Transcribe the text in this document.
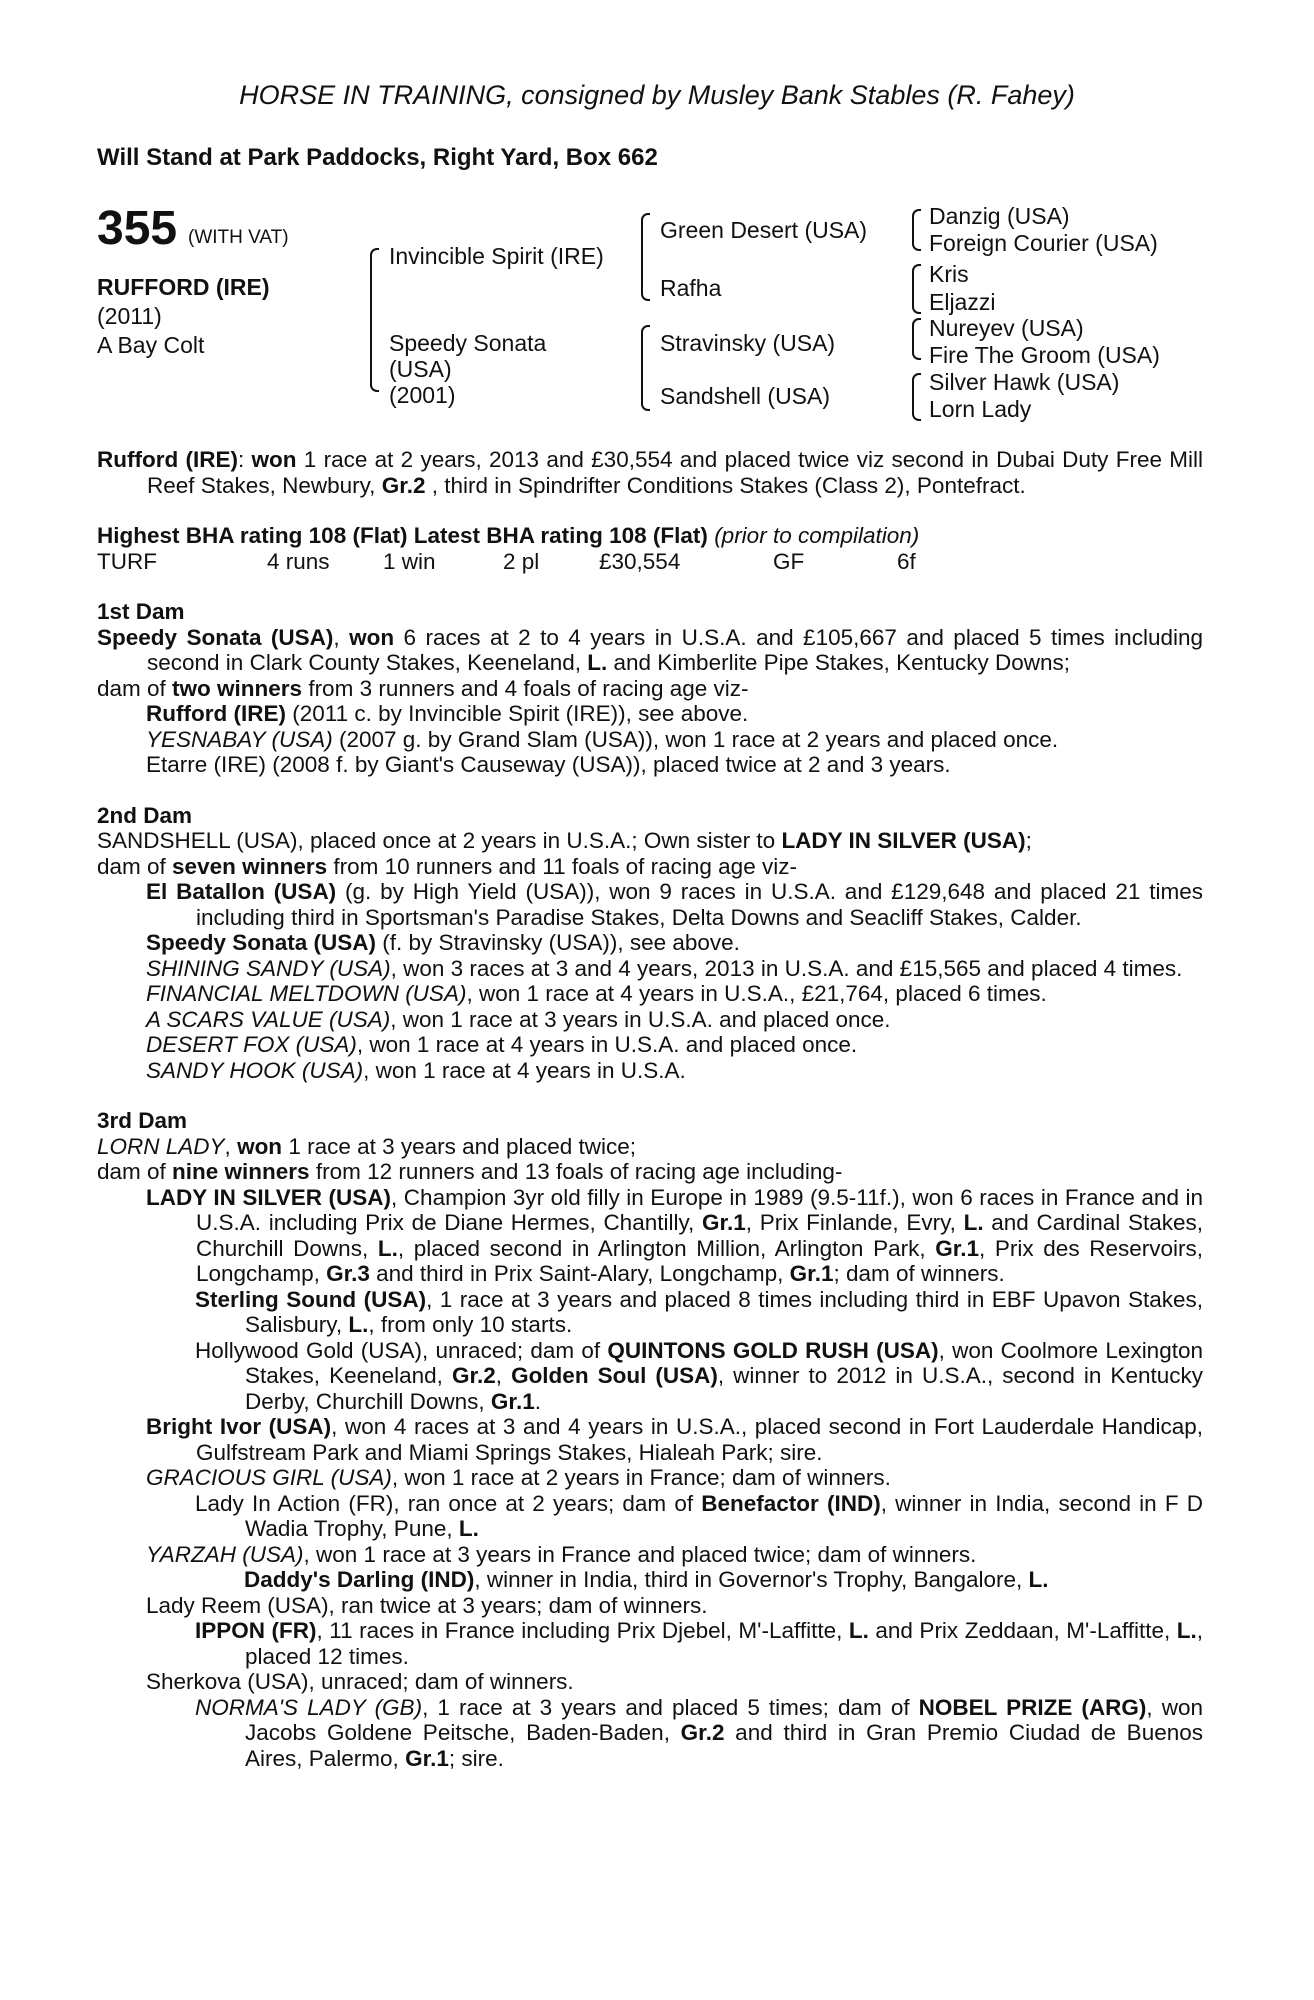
HORSE IN TRAINING, consigned by Musley Bank Stables (R. Fahey)
Will Stand at Park Paddocks, Right Yard, Box 662
355 (WITH VAT)
RUFFORD (IRE)
(2011)
A Bay Colt
Invincible Spirit (IRE)
Speedy Sonata
(USA)
(2001)
Green Desert (USA)
Rafha
Stravinsky (USA)
Sandshell (USA)
Danzig (USA)
Foreign Courier (USA)
Kris
Eljazzi
Nureyev (USA)
Fire The Groom (USA)
Silver Hawk (USA)
Lorn Lady

Rufford (IRE): won 1 race at 2 years, 2013 and £30,554 and placed twice viz second in Dubai Duty Free Mill Reef Stakes, Newbury, Gr.2 , third in Spindrifter Conditions Stakes (Class 2), Pontefract.

Highest BHA rating 108 (Flat) Latest BHA rating 108 (Flat) (prior to compilation)

TURF	4 runs	1 win	2 pl	£30,554	GF	6f

1st Dam

Speedy Sonata (USA), won 6 races at 2 to 4 years in U.S.A. and £105,667 and placed 5 times including second in Clark County Stakes, Keeneland, L. and Kimberlite Pipe Stakes, Kentucky Downs;

dam of two winners from 3 runners and 4 foals of racing age viz-

Rufford (IRE) (2011 c. by Invincible Spirit (IRE)), see above.

YESNABAY (USA) (2007 g. by Grand Slam (USA)), won 1 race at 2 years and placed once.

Etarre (IRE) (2008 f. by Giant's Causeway (USA)), placed twice at 2 and 3 years.

2nd Dam

SANDSHELL (USA), placed once at 2 years in U.S.A.; Own sister to LADY IN SILVER (USA);

dam of seven winners from 10 runners and 11 foals of racing age viz-

El Batallon (USA) (g. by High Yield (USA)), won 9 races in U.S.A. and £129,648 and placed 21 times including third in Sportsman's Paradise Stakes, Delta Downs and Seacliff Stakes, Calder.

Speedy Sonata (USA) (f. by Stravinsky (USA)), see above.

SHINING SANDY (USA), won 3 races at 3 and 4 years, 2013 in U.S.A. and £15,565 and placed 4 times.

FINANCIAL MELTDOWN (USA), won 1 race at 4 years in U.S.A., £21,764, placed 6 times.

A SCARS VALUE (USA), won 1 race at 3 years in U.S.A. and placed once.

DESERT FOX (USA), won 1 race at 4 years in U.S.A. and placed once.

SANDY HOOK (USA), won 1 race at 4 years in U.S.A.

3rd Dam

LORN LADY, won 1 race at 3 years and placed twice;

dam of nine winners from 12 runners and 13 foals of racing age including-

LADY IN SILVER (USA), Champion 3yr old filly in Europe in 1989 (9.5-11f.), won 6 races in France and in U.S.A. including Prix de Diane Hermes, Chantilly, Gr.1, Prix Finlande, Evry, L. and Cardinal Stakes, Churchill Downs, L., placed second in Arlington Million, Arlington Park, Gr.1, Prix des Reservoirs, Longchamp, Gr.3 and third in Prix Saint-Alary, Longchamp, Gr.1; dam of winners.

Sterling Sound (USA), 1 race at 3 years and placed 8 times including third in EBF Upavon Stakes, Salisbury, L., from only 10 starts.

Hollywood Gold (USA), unraced; dam of QUINTONS GOLD RUSH (USA), won Coolmore Lexington Stakes, Keeneland, Gr.2, Golden Soul (USA), winner to 2012 in U.S.A., second in Kentucky Derby, Churchill Downs, Gr.1.

Bright Ivor (USA), won 4 races at 3 and 4 years in U.S.A., placed second in Fort Lauderdale Handicap, Gulfstream Park and Miami Springs Stakes, Hialeah Park; sire.

GRACIOUS GIRL (USA), won 1 race at 2 years in France; dam of winners.

Lady In Action (FR), ran once at 2 years; dam of Benefactor (IND), winner in India, second in F D Wadia Trophy, Pune, L.

YARZAH (USA), won 1 race at 3 years in France and placed twice; dam of winners.

Daddy's Darling (IND), winner in India, third in Governor's Trophy, Bangalore, L.

Lady Reem (USA), ran twice at 3 years; dam of winners.

IPPON (FR), 11 races in France including Prix Djebel, M'-Laffitte, L. and Prix Zeddaan, M'-Laffitte, L., placed 12 times.

Sherkova (USA), unraced; dam of winners.

NORMA'S LADY (GB), 1 race at 3 years and placed 5 times; dam of NOBEL PRIZE (ARG), won Jacobs Goldene Peitsche, Baden-Baden, Gr.2 and third in Gran Premio Ciudad de Buenos Aires, Palermo, Gr.1; sire.
